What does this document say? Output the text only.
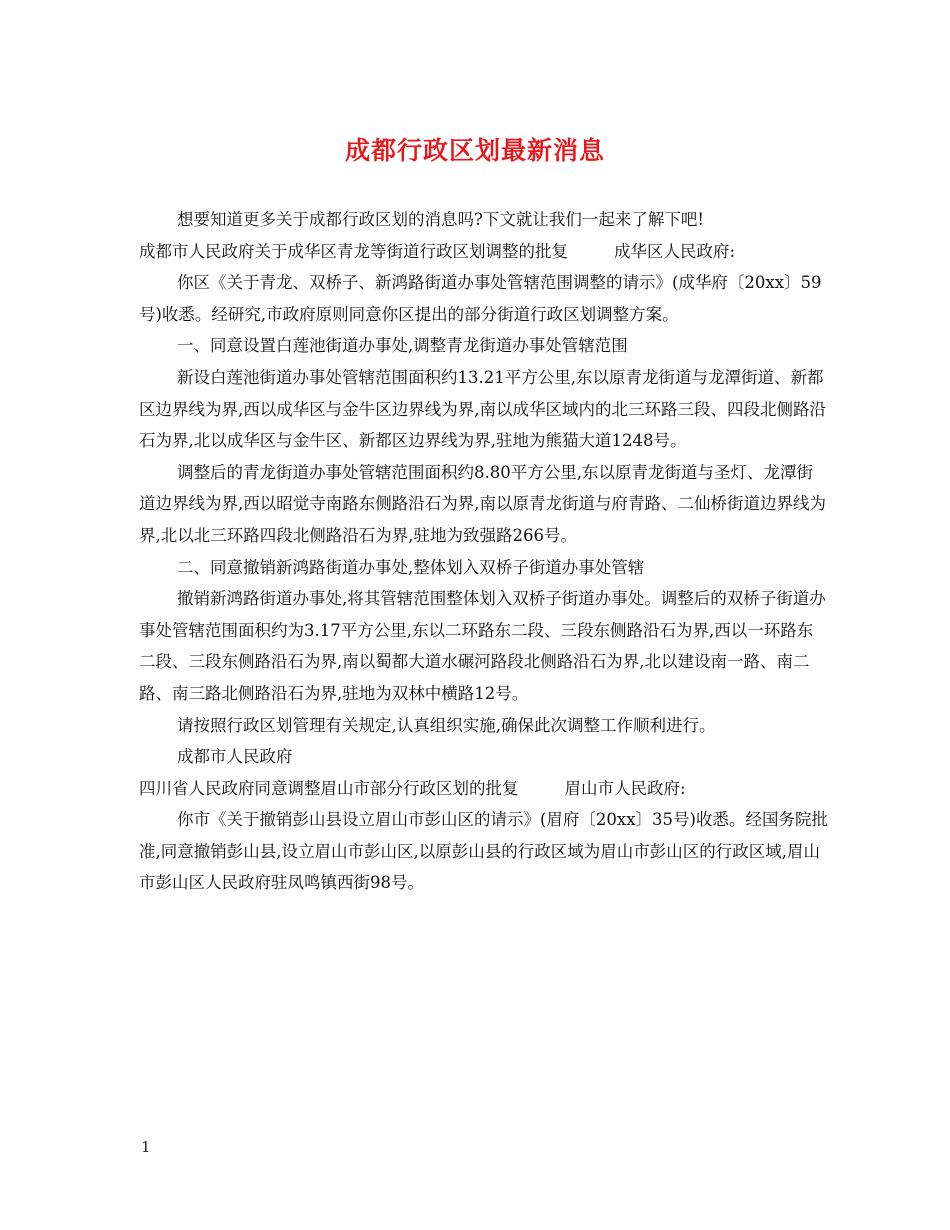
成都行政区划最新消息

想要知道更多关于成都行政区划的消息吗?下文就让我们一起来了解下吧!

成都市人民政府关于成华区青龙等街道行政区划调整的批复	成华区人民政府:

你区《关于青龙、双桥子、新鸿路街道办事处管辖范围调整的请示》(成华府〔20xx〕59号)收悉。经研究,市政府原则同意你区提出的部分街道行政区划调整方案。

一、同意设置白莲池街道办事处,调整青龙街道办事处管辖范围

新设白莲池街道办事处管辖范围面积约13.21平方公里,东以原青龙街道与龙潭街道、新都区边界线为界,西以成华区与金牛区边界线为界,南以成华区域内的北三环路三段、四段北侧路沿石为界,北以成华区与金牛区、新都区边界线为界,驻地为熊猫大道1248号。

调整后的青龙街道办事处管辖范围面积约8.80平方公里,东以原青龙街道与圣灯、龙潭街道边界线为界,西以昭觉寺南路东侧路沿石为界,南以原青龙街道与府青路、二仙桥街道边界线为界,北以北三环路四段北侧路沿石为界,驻地为致强路266号。

二、同意撤销新鸿路街道办事处,整体划入双桥子街道办事处管辖

撤销新鸿路街道办事处,将其管辖范围整体划入双桥子街道办事处。调整后的双桥子街道办事处管辖范围面积约为3.17平方公里,东以二环路东二段、三段东侧路沿石为界,西以一环路东二段、三段东侧路沿石为界,南以蜀都大道水碾河路段北侧路沿石为界,北以建设南一路、南二路、南三路北侧路沿石为界,驻地为双林中横路12号。

请按照行政区划管理有关规定,认真组织实施,确保此次调整工作顺利进行。

成都市人民政府

四川省人民政府同意调整眉山市部分行政区划的批复	眉山市人民政府:

你市《关于撤销彭山县设立眉山市彭山区的请示》(眉府〔20xx〕35号)收悉。经国务院批准,同意撤销彭山县,设立眉山市彭山区,以原彭山县的行政区域为眉山市彭山区的行政区域,眉山市彭山区人民政府驻凤鸣镇西街98号。

1
